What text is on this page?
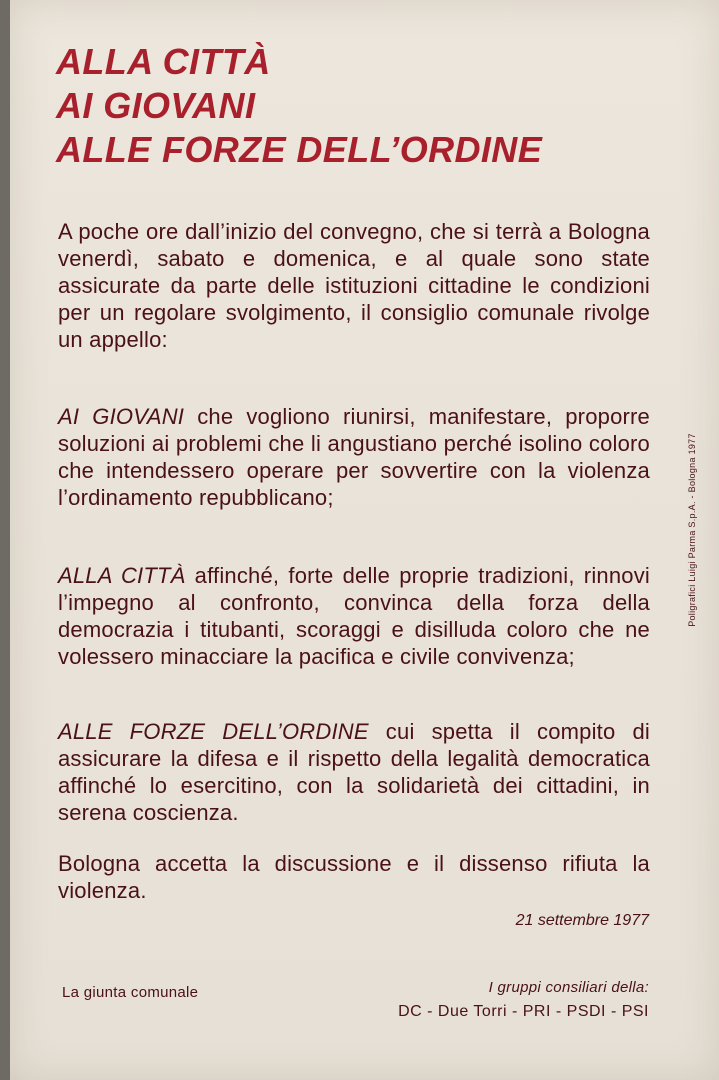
ALLA CITTÀ
AI GIOVANI
ALLE FORZE DELL’ORDINE

A poche ore dall’inizio del convegno, che si terrà a Bologna venerdì, sabato e domenica, e al quale sono state assicurate da parte delle istituzioni cittadine le condizioni per un regolare svolgimento, il consiglio comunale rivolge un appello:

AI GIOVANI che vogliono riunirsi, manifestare, proporre soluzioni ai problemi che li angustiano perché isolino coloro che intendessero operare per sovvertire con la violenza l’ordinamento repubblicano;

ALLA CITTÀ affinché, forte delle proprie tradizioni, rinnovi l’impegno al confronto, convinca della forza della democrazia i titubanti, scoraggi e disilluda coloro che ne volessero minacciare la pacifica e civile convivenza;

ALLE FORZE DELL’ORDINE cui spetta il compito di assicurare la difesa e il rispetto della legalità democratica affinché lo esercitino, con la solidarietà dei cittadini, in serena coscienza.

Bologna accetta la discussione e il dissenso rifiuta la violenza.

21 settembre 1977
La giunta comunale	I gruppi consiliari della:
DC - Due Torri - PRI - PSDI - PSI
Poligrafici Luigi Parma S.p.A. - Bologna 1977
